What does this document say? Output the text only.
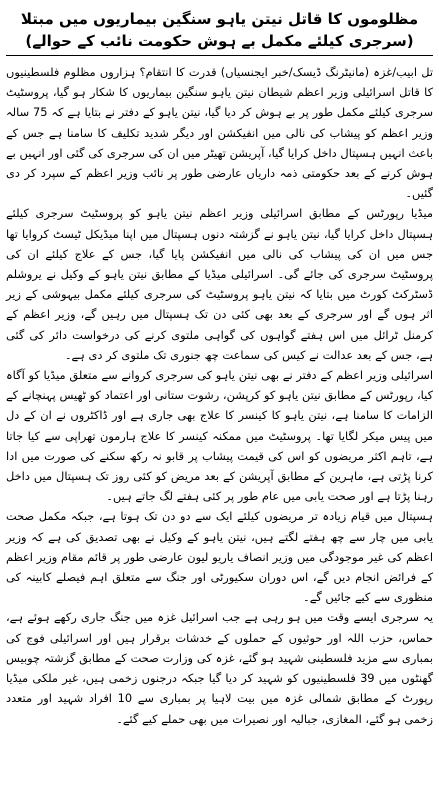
مظلوموں کا قاتل نیتن یاہو سنگین بیماریوں میں مبتلا (سرجری کیلئے مکمل بے ہوش حکومت نائب کے حوالے)

تل ابیب/غزہ (مانیٹرنگ ڈیسک/خبر ایجنسیاں) قدرت کا انتقام؟ ہزاروں مظلوم فلسطینیوں کا قاتل اسرائیلی وزیر اعظم شیطان نیتن یاہو سنگین بیماریوں کا شکار ہو گیا، پروسٹیٹ سرجری کیلئے مکمل طور پر بے ہوش کر دیا گیا، نیتن یاہو کے دفتر نے بتایا ہے کہ 75 سالہ وزیر اعظم کو پیشاب کی نالی میں انفیکشن اور دیگر شدید تکلیف کا سامنا ہے جس کے باعث انہیں ہسپتال داخل کرایا گیا، آپریشن تھیٹر میں ان کی سرجری کی گئی اور انہیں بے ہوش کرنے کے بعد حکومتی ذمہ داریاں عارضی طور پر نائب وزیر اعظم کے سپرد کر دی گئیں۔

میڈیا رپورٹس کے مطابق اسرائیلی وزیر اعظم نیتن یاہو کو پروسٹیٹ سرجری کیلئے ہسپتال داخل کرایا گیا، نیتن یاہو نے گزشتہ دنوں ہسپتال میں اپنا میڈیکل ٹیسٹ کروایا تھا جس میں ان کی پیشاب کی نالی میں انفیکشن پایا گیا، جس کے علاج کیلئے ان کی پروسٹیٹ سرجری کی جائے گی۔ اسرائیلی میڈیا کے مطابق نیتن یاہو کے وکیل نے یروشلم ڈسٹرکٹ کورٹ میں بتایا کہ نیتن یاہو پروسٹیٹ کی سرجری کیلئے مکمل بیہوشی کے زیر اثر ہوں گے اور سرجری کے بعد بھی کئی دن تک ہسپتال میں رہیں گے، وزیر اعظم کے کرمنل ٹرائل میں اس ہفتے گواہوں کی گواہی ملتوی کرنے کی درخواست دائر کی گئی ہے، جس کے بعد عدالت نے کیس کی سماعت چھ جنوری تک ملتوی کر دی ہے۔

اسرائیلی وزیر اعظم کے دفتر نے بھی نیتن یاہو کی سرجری کروانے سے متعلق میڈیا کو آگاہ کیا، رپورٹس کے مطابق نیتن یاہو کو کرپشن، رشوت ستانی اور اعتماد کو ٹھیس پہنچانے کے الزامات کا سامنا ہے، نیتن یاہو کا کینسر کا علاج بھی جاری ہے اور ڈاکٹروں نے ان کے دل میں پیس میکر لگایا تھا۔ پروسٹیٹ میں ممکنہ کینسر کا علاج ہارمون تھراپی سے کیا جاتا ہے، تاہم اکثر مریضوں کو اس کی قیمت پیشاب پر قابو نہ رکھ سکنے کی صورت میں ادا کرنا پڑتی ہے، ماہرین کے مطابق آپریشن کے بعد مریض کو کئی روز تک ہسپتال میں داخل رہنا پڑتا ہے اور صحت یابی میں عام طور پر کئی ہفتے لگ جاتے ہیں۔

ہسپتال میں قیام زیادہ تر مریضوں کیلئے ایک سے دو دن تک ہوتا ہے، جبکہ مکمل صحت یابی میں چار سے چھ ہفتے لگتے ہیں، نیتن یاہو کے وکیل نے بھی تصدیق کی ہے کہ وزیر اعظم کی غیر موجودگی میں وزیر انصاف یاریو لیون عارضی طور پر قائم مقام وزیر اعظم کے فرائض انجام دیں گے، اس دوران سکیورٹی اور جنگ سے متعلق اہم فیصلے کابینہ کی منظوری سے کیے جائیں گے۔

یہ سرجری ایسے وقت میں ہو رہی ہے جب اسرائیل غزہ میں جنگ جاری رکھے ہوئے ہے، حماس، حزب اللہ اور حوثیوں کے حملوں کے خدشات برقرار ہیں اور اسرائیلی فوج کی بمباری سے مزید فلسطینی شہید ہو گئے، غزہ کی وزارت صحت کے مطابق گزشتہ چوبیس گھنٹوں میں 39 فلسطینیوں کو شہید کر دیا گیا جبکہ درجنوں زخمی ہیں، غیر ملکی میڈیا رپورٹ کے مطابق شمالی غزہ میں بیت لاہیا پر بمباری سے 10 افراد شہید اور متعدد زخمی ہو گئے، المغازی، جبالیہ اور نصیرات میں بھی حملے کیے گئے۔
